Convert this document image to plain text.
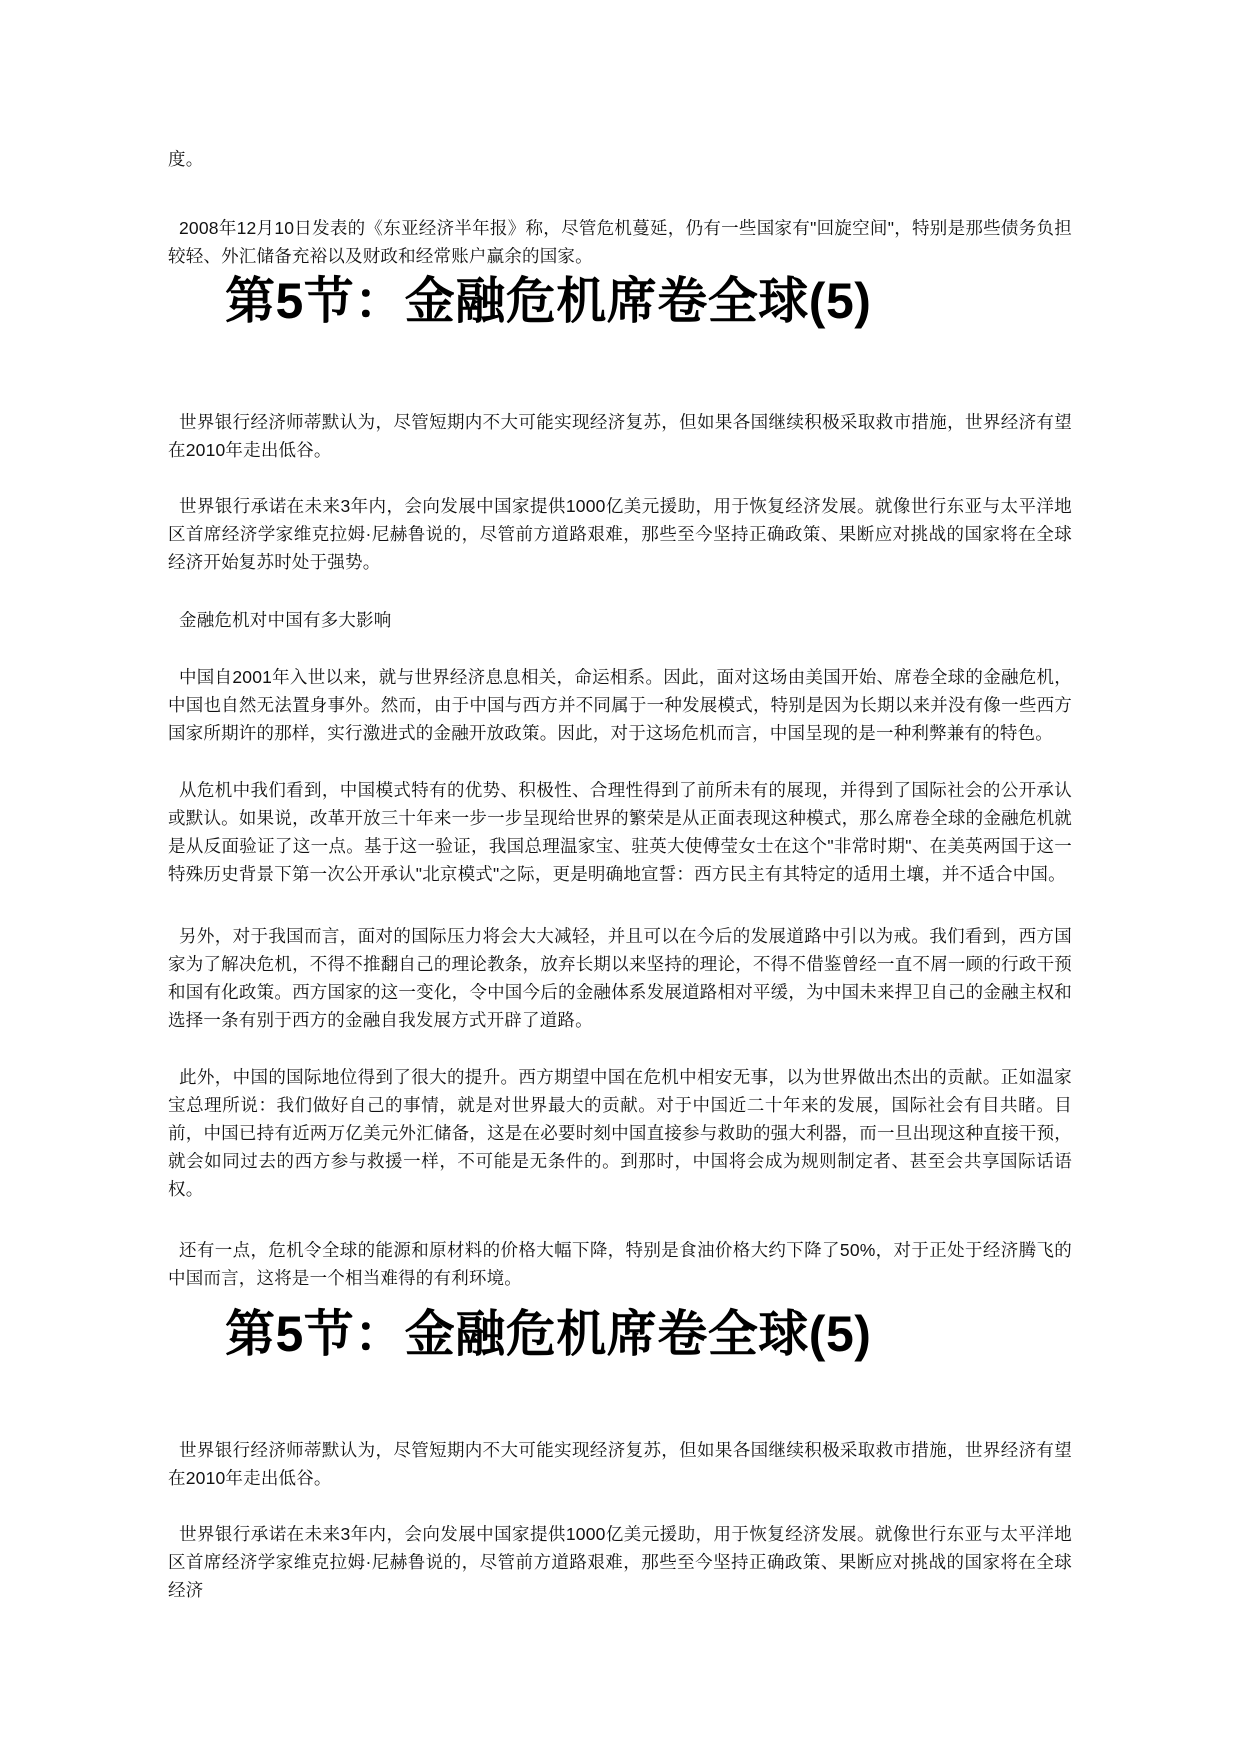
度。

2008年12月10日发表的《东亚经济半年报》称，尽管危机蔓延，仍有一些国家有"回旋空间"，特别是那些债务负担较轻、外汇储备充裕以及财政和经常账户赢余的国家。

第5节：金融危机席卷全球(5)

世界银行经济师蒂默认为，尽管短期内不大可能实现经济复苏，但如果各国继续积极采取救市措施，世界经济有望在2010年走出低谷。

世界银行承诺在未来3年内，会向发展中国家提供1000亿美元援助，用于恢复经济发展。就像世行东亚与太平洋地区首席经济学家维克拉姆·尼赫鲁说的，尽管前方道路艰难，那些至今坚持正确政策、果断应对挑战的国家将在全球经济开始复苏时处于强势。

金融危机对中国有多大影响

中国自2001年入世以来，就与世界经济息息相关，命运相系。因此，面对这场由美国开始、席卷全球的金融危机，中国也自然无法置身事外。然而，由于中国与西方并不同属于一种发展模式，特别是因为长期以来并没有像一些西方国家所期许的那样，实行激进式的金融开放政策。因此，对于这场危机而言，中国呈现的是一种利弊兼有的特色。

从危机中我们看到，中国模式特有的优势、积极性、合理性得到了前所未有的展现，并得到了国际社会的公开承认或默认。如果说，改革开放三十年来一步一步呈现给世界的繁荣是从正面表现这种模式，那么席卷全球的金融危机就是从反面验证了这一点。基于这一验证，我国总理温家宝、驻英大使傅莹女士在这个"非常时期"、在美英两国于这一特殊历史背景下第一次公开承认"北京模式"之际，更是明确地宣誓：西方民主有其特定的适用土壤，并不适合中国。

另外，对于我国而言，面对的国际压力将会大大减轻，并且可以在今后的发展道路中引以为戒。我们看到，西方国家为了解决危机，不得不推翻自己的理论教条，放弃长期以来坚持的理论，不得不借鉴曾经一直不屑一顾的行政干预和国有化政策。西方国家的这一变化，令中国今后的金融体系发展道路相对平缓，为中国未来捍卫自己的金融主权和选择一条有别于西方的金融自我发展方式开辟了道路。

此外，中国的国际地位得到了很大的提升。西方期望中国在危机中相安无事，以为世界做出杰出的贡献。正如温家宝总理所说：我们做好自己的事情，就是对世界最大的贡献。对于中国近二十年来的发展，国际社会有目共睹。目前，中国已持有近两万亿美元外汇储备，这是在必要时刻中国直接参与救助的强大利器，而一旦出现这种直接干预，就会如同过去的西方参与救援一样，不可能是无条件的。到那时，中国将会成为规则制定者、甚至会共享国际话语权。

还有一点，危机令全球的能源和原材料的价格大幅下降，特别是食油价格大约下降了50%，对于正处于经济腾飞的中国而言，这将是一个相当难得的有利环境。

第5节：金融危机席卷全球(5)

世界银行经济师蒂默认为，尽管短期内不大可能实现经济复苏，但如果各国继续积极采取救市措施，世界经济有望在2010年走出低谷。

世界银行承诺在未来3年内，会向发展中国家提供1000亿美元援助，用于恢复经济发展。就像世行东亚与太平洋地区首席经济学家维克拉姆·尼赫鲁说的，尽管前方道路艰难，那些至今坚持正确政策、果断应对挑战的国家将在全球经济
